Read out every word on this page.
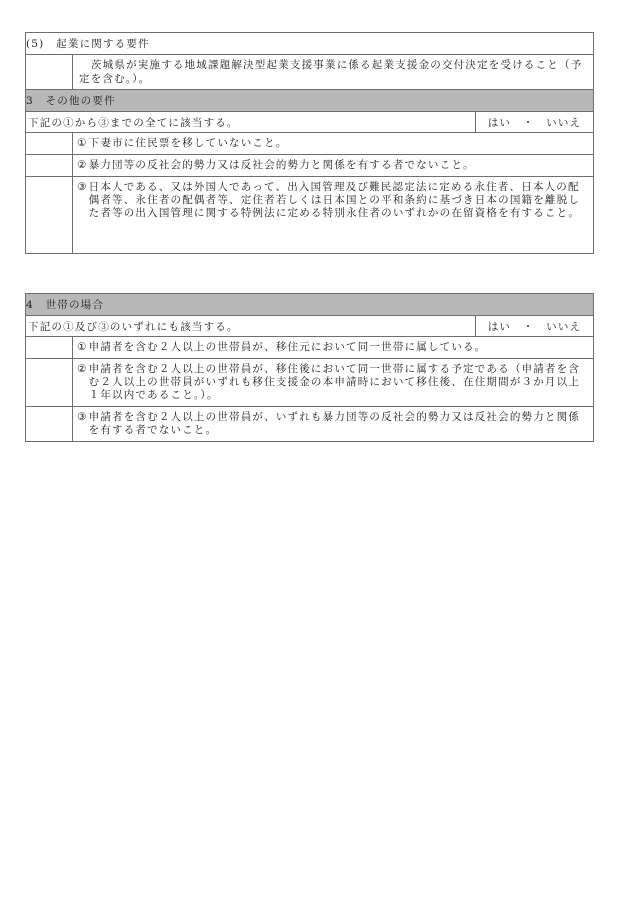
(5)　起業に関する要件		

	茨城県が実施する地域課題解決型起業支援事業に係る起業支援金の交付決定を受けること（予定を含む。）。	

3　その他の要件		
下記の①から③までの全てに該当する。		はい　・　いいえ

	① 下妻市に住民票を移していないこと。	

	② 暴力団等の反社会的勢力又は反社会的勢力と関係を有する者でないこと。	

	③ 日本人である、又は外国人であって、出入国管理及び難民認定法に定める永住者、日本人の配偶者等、永住者の配偶者等、定住者若しくは日本国との平和条約に基づき日本の国籍を離脱した者等の出入国管理に関する特例法に定める特別永住者のいずれかの在留資格を有すること。	
4　世帯の場合		
下記の①及び③のいずれにも該当する。		はい　・　いいえ

	① 申請者を含む２人以上の世帯員が、移住元において同一世帯に属している。	

	② 申請者を含む２人以上の世帯員が、移住後において同一世帯に属する予定である（申請者を含む２人以上の世帯員がいずれも移住支援金の本申請時において移住後、在住期間が３か月以上１年以内であること。）。	

	③ 申請者を含む２人以上の世帯員が、いずれも暴力団等の反社会的勢力又は反社会的勢力と関係を有する者でないこと。	
